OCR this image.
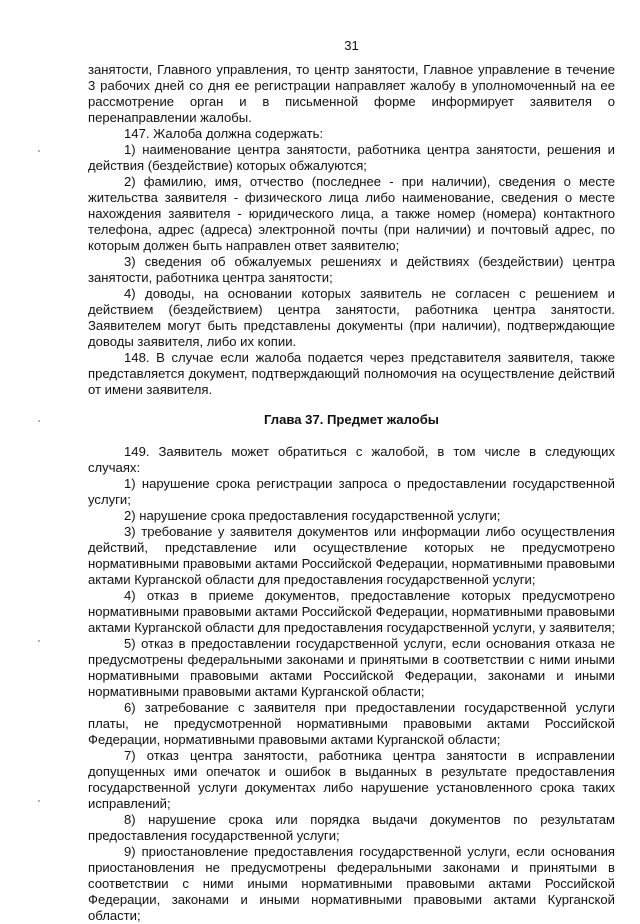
31

занятости, Главного управления, то центр занятости, Главное управление в течение 3 рабочих дней со дня ее регистрации направляет жалобу в уполномоченный на ее рассмотрение орган и в письменной форме информирует заявителя о перенаправлении жалобы.

147. Жалоба должна содержать:

1) наименование центра занятости, работника центра занятости, решения и действия (бездействие) которых обжалуются;

2) фамилию, имя, отчество (последнее - при наличии), сведения о месте жительства заявителя - физического лица либо наименование, сведения о месте нахождения заявителя - юридического лица, а также номер (номера) контактного телефона, адрес (адреса) электронной почты (при наличии) и почтовый адрес, по которым должен быть направлен ответ заявителю;

3) сведения об обжалуемых решениях и действиях (бездействии) центра занятости, работника центра занятости;

4) доводы, на основании которых заявитель не согласен с решением и действием (бездействием) центра занятости, работника центра занятости. Заявителем могут быть представлены документы (при наличии), подтверждающие доводы заявителя, либо их копии.

148. В случае если жалоба подается через представителя заявителя, также представляется документ, подтверждающий полномочия на осуществление действий от имени заявителя.

Глава 37. Предмет жалобы

149. Заявитель может обратиться с жалобой, в том числе в следующих случаях:

1) нарушение срока регистрации запроса о предоставлении государственной услуги;

2) нарушение срока предоставления государственной услуги;

3) требование у заявителя документов или информации либо осуществления действий, представление или осуществление которых не предусмотрено нормативными правовыми актами Российской Федерации, нормативными правовыми актами Курганской области для предоставления государственной услуги;

4) отказ в приеме документов, предоставление которых предусмотрено нормативными правовыми актами Российской Федерации, нормативными правовыми актами Курганской области для предоставления государственной услуги, у заявителя;

5) отказ в предоставлении государственной услуги, если основания отказа не предусмотрены федеральными законами и принятыми в соответствии с ними иными нормативными правовыми актами Российской Федерации, законами и иными нормативными правовыми актами Курганской области;

6) затребование с заявителя при предоставлении государственной услуги платы, не предусмотренной нормативными правовыми актами Российской Федерации, нормативными правовыми актами Курганской области;

7) отказ центра занятости, работника центра занятости в исправлении допущенных ими опечаток и ошибок в выданных в результате предоставления государственной услуги документах либо нарушение установленного срока таких исправлений;

8) нарушение срока или порядка выдачи документов по результатам предоставления государственной услуги;

9) приостановление предоставления государственной услуги, если основания приостановления не предусмотрены федеральными законами и принятыми в соответствии с ними иными нормативными правовыми актами Российской Федерации, законами и иными нормативными правовыми актами Курганской области;
